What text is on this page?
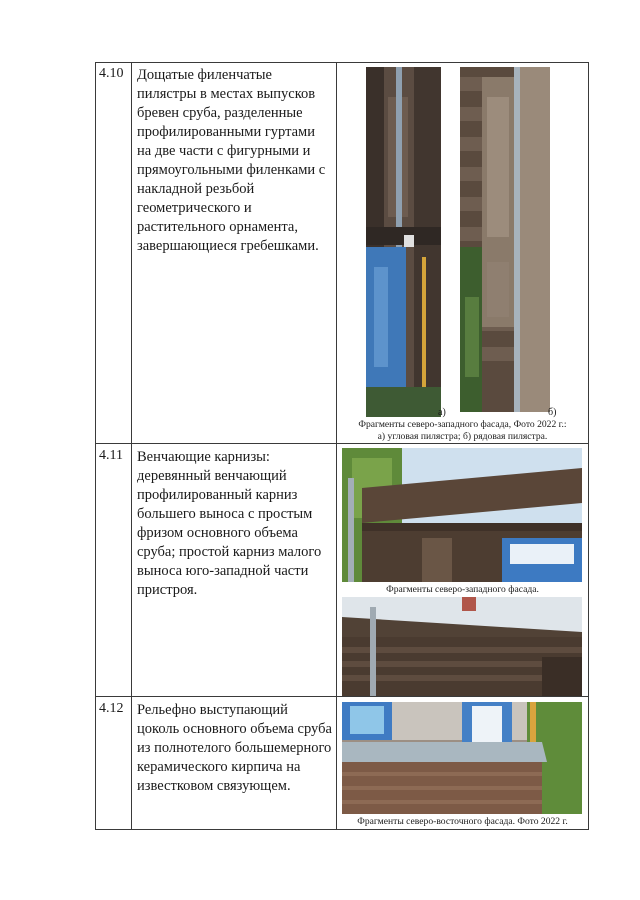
4.10 Дощатые филенчатые пилястры в местах выпусков бревен сруба, разделенные профилированными гуртами на две части с фигурными и прямоугольными филенками с накладной резьбой геометрического и растительного орнамента, завершающиеся гребешками.
а)	б)
Фрагменты северо-западного фасада, Фото 2022 г.:
а) угловая пилястра; б) рядовая пилястра.
4.11 Венчающие карнизы: деревянный венчающий профилированный карниз большего выноса с простым фризом основного объема сруба; простой карниз малого выноса юго-западной части пристроя.	Фрагменты северо-западного фасада.
4.12 Рельефно выступающий цоколь основного объема сруба из полнотелого большемерного керамического кирпича на известковом связующем.
Фрагменты северо-восточного фасада. Фото 2022 г.
